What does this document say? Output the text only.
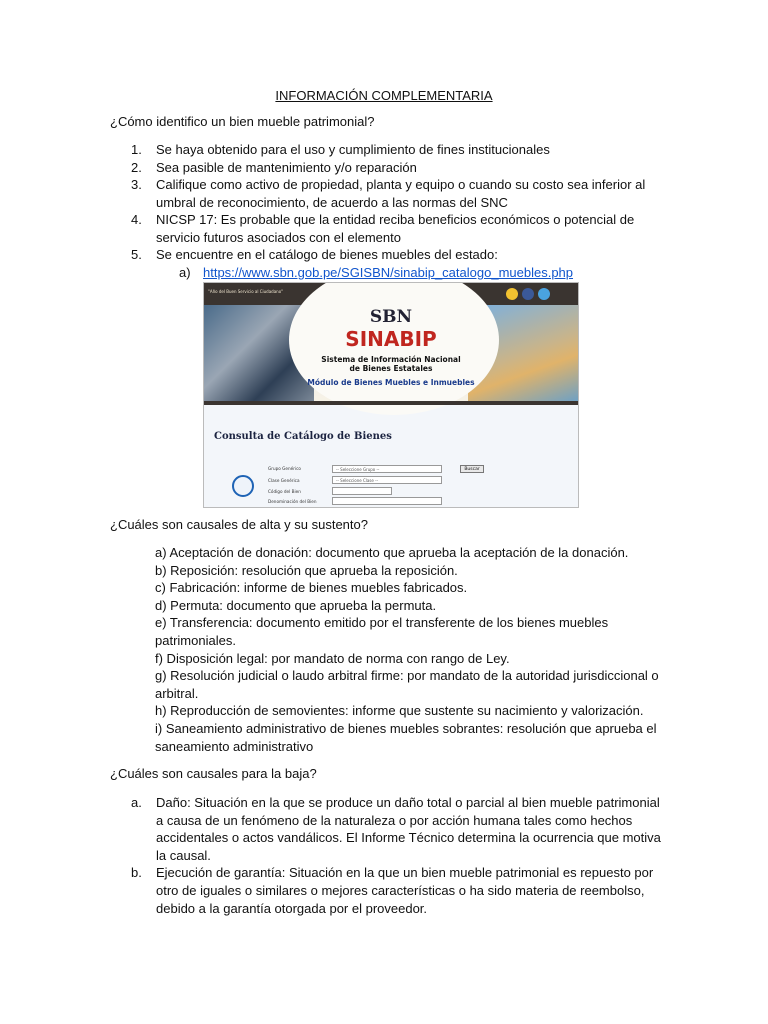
INFORMACIÓN COMPLEMENTARIA
¿Cómo identifico un bien mueble patrimonial?
1.	Se haya obtenido para el uso y cumplimiento de fines institucionales
2.	Sea pasible de mantenimiento y/o reparación
3.	Califique como activo de propiedad, planta y equipo o cuando su costo sea inferior al umbral de reconocimiento, de acuerdo a las normas del SNC
4.	NICSP 17: Es probable que la entidad reciba beneficios económicos o potencial de servicio futuros asociados con el elemento
5.	Se encuentre en el catálogo de bienes muebles del estado:
a) https://www.sbn.gob.pe/SGISBN/sinabip_catalogo_muebles.php
"Año del Buen Servicio al Ciudadano"
SBN
SINABIP
Sistema de Información Nacional
de Bienes Estatales
Módulo de Bienes Muebles e Inmuebles
Consulta de Catálogo de Bienes
Grupo Genérico
Clase Genérica
Código del Bien
Denominación del Bien
-- Seleccione Grupo --
-- Seleccione Clase --
Buscar
¿Cuáles son causales de alta y su sustento?
a) Aceptación de donación: documento que aprueba la aceptación de la donación.
b) Reposición: resolución que aprueba la reposición.
c) Fabricación: informe de bienes muebles fabricados.
d) Permuta: documento que aprueba la permuta.
e) Transferencia: documento emitido por el transferente de los bienes muebles patrimoniales.
f) Disposición legal: por mandato de norma con rango de Ley.
g) Resolución judicial o laudo arbitral firme: por mandato de la autoridad jurisdiccional o arbitral.
h) Reproducción de semovientes: informe que sustente su nacimiento y valorización.
i) Saneamiento administrativo de bienes muebles sobrantes: resolución que aprueba el saneamiento administrativo
¿Cuáles son causales para la baja?
a.	Daño: Situación en la que se produce un daño total o parcial al bien mueble patrimonial a causa de un fenómeno de la naturaleza o por acción humana tales como hechos accidentales o actos vandálicos. El Informe Técnico determina la ocurrencia que motiva la causal.
b.	Ejecución de garantía: Situación en la que un bien mueble patrimonial es repuesto por otro de iguales o similares o mejores características o ha sido materia de reembolso, debido a la garantía otorgada por el proveedor.
